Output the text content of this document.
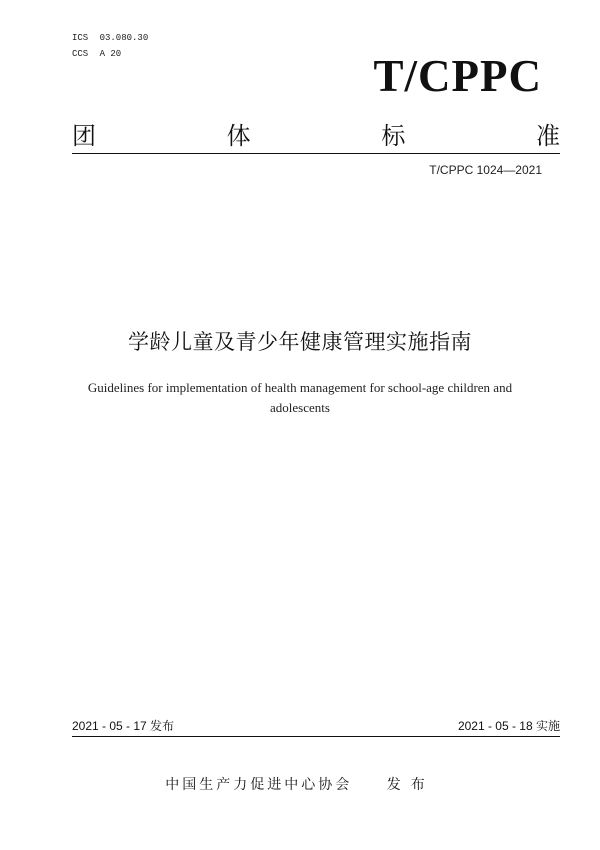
ICS 03.080.30
CCS A 20	T/CPPC
团	体	标	准
T/CPPC 1024—2021
学龄儿童及青少年健康管理实施指南
Guidelines for implementation of health management for school-age children and adolescents
2021 - 05 - 17 发布	2021 - 05 - 18 实施
中国生产力促进中心协会 发布
